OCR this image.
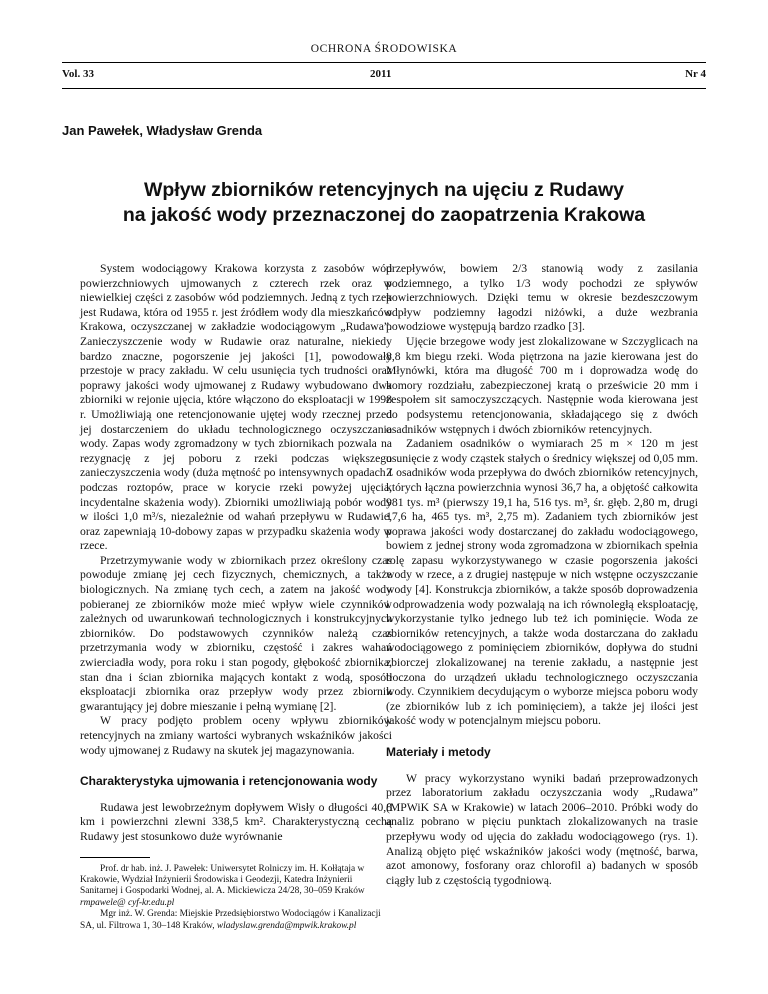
OCHRONA ŚRODOWISKA
Vol. 33	2011	Nr 4
Jan Pawełek, Władysław Grenda
Wpływ zbiorników retencyjnych na ujęciu z Rudawy
na jakość wody przeznaczonej do zaopatrzenia Krakowa

System wodociągowy Krakowa korzysta z zasobów wód powierzchniowych ujmowanych z czterech rzek oraz w niewielkiej części z zasobów wód podziemnych. Jedną z tych rzek jest Rudawa, która od 1955 r. jest źródłem wody dla mieszkańców Krakowa, oczyszczanej w zakładzie wodociągowym „Rudawa”. Zanieczyszczenie wody w Rudawie oraz naturalne, niekiedy bardzo znaczne, pogorszenie jej jakości [1], powodowały przestoje w pracy zakładu. W celu usunięcia tych trudności oraz poprawy jakości wody ujmowanej z Rudawy wybudowano dwa zbiorniki w rejonie ujęcia, które włączono do eksploatacji w 1998 r. Umożliwiają one retencjonowanie ujętej wody rzecznej przed jej dostarczeniem do układu technologicznego oczyszczania wody. Zapas wody zgromadzony w tych zbiornikach pozwala na rezygnację z jej poboru z rzeki podczas większego zanieczyszczenia wody (duża mętność po intensywnych opadach i podczas roztopów, prace w korycie rzeki powyżej ujęcia, incydentalne skażenia wody). Zbiorniki umożliwiają pobór wody w ilości 1,0 m³/s, niezależnie od wahań przepływu w Rudawie, oraz zapewniają 10-dobowy zapas w przypadku skażenia wody w rzece.

Przetrzymywanie wody w zbiornikach przez określony czas powoduje zmianę jej cech fizycznych, chemicznych, a także biologicznych. Na zmianę tych cech, a zatem na jakość wody pobieranej ze zbiorników może mieć wpływ wiele czynników zależnych od uwarunkowań technologicznych i konstrukcyjnych zbiorników. Do podstawowych czynników należą czas przetrzymania wody w zbiorniku, częstość i zakres wahań zwierciadła wody, pora roku i stan pogody, głębokość zbiornika, stan dna i ścian zbiornika mających kontakt z wodą, sposób eksploatacji zbiornika oraz przepływ wody przez zbiornik gwarantujący jej dobre mieszanie i pełną wymianę [2].

W pracy podjęto problem oceny wpływu zbiorników retencyjnych na zmiany wartości wybranych wskaźników jakości wody ujmowanej z Rudawy na skutek jej magazynowania.

Charakterystyka ujmowania i retencjonowania wody

Rudawa jest lewobrzeżnym dopływem Wisły o długości 40,8 km i powierzchni zlewni 338,5 km². Charakterystyczną cechą Rudawy jest stosunkowo duże wyrównanie

Prof. dr hab. inż. J. Pawełek: Uniwersytet Rolniczy im. H. Kołłątaja w Krakowie, Wydział Inżynierii Środowiska i Geodezji, Katedra Inżynierii Sanitarnej i Gospodarki Wodnej, al. A. Mickiewicza 24/28, 30–059 Kraków rmpawele@ cyf-kr.edu.pl

Mgr inż. W. Grenda: Miejskie Przedsiębiorstwo Wodociągów i Kanalizacji SA, ul. Filtrowa 1, 30–148 Kraków, wladyslaw.grenda@mpwik.krakow.pl

przepływów, bowiem 2/3 stanowią wody z zasilania podziemnego, a tylko 1/3 wody pochodzi ze spływów powierzchniowych. Dzięki temu w okresie bezdeszczowym odpływ podziemny łagodzi niżówki, a duże wezbrania powodziowe występują bardzo rzadko [3].

Ujęcie brzegowe wody jest zlokalizowane w Szczyglicach na 8,8 km biegu rzeki. Woda piętrzona na jazie kierowana jest do Młynówki, która ma długość 700 m i doprowadza wodę do komory rozdziału, zabezpieczonej kratą o prześwicie 20 mm i zespołem sit samoczyszczących. Następnie woda kierowana jest do podsystemu retencjonowania, składającego się z dwóch osadników wstępnych i dwóch zbiorników retencyjnych.

Zadaniem osadników o wymiarach 25 m × 120 m jest usunięcie z wody cząstek stałych o średnicy większej od 0,05 mm. Z osadników woda przepływa do dwóch zbiorników retencyjnych, których łączna powierzchnia wynosi 36,7 ha, a objętość całkowita 981 tys. m³ (pierwszy 19,1 ha, 516 tys. m³, śr. głęb. 2,80 m, drugi 17,6 ha, 465 tys. m³, 2,75 m). Zadaniem tych zbiorników jest poprawa jakości wody dostarczanej do zakładu wodociągowego, bowiem z jednej strony woda zgromadzona w zbiornikach spełnia rolę zapasu wykorzystywanego w czasie pogorszenia jakości wody w rzece, a z drugiej następuje w nich wstępne oczyszczanie wody [4]. Konstrukcja zbiorników, a także sposób doprowadzenia i odprowadzenia wody pozwalają na ich równoległą eksploatację, wykorzystanie tylko jednego lub też ich pominięcie. Woda ze zbiorników retencyjnych, a także woda dostarczana do zakładu wodociągowego z pominięciem zbiorników, dopływa do studni zbiorczej zlokalizowanej na terenie zakładu, a następnie jest tłoczona do urządzeń układu technologicznego oczyszczania wody. Czynnikiem decydującym o wyborze miejsca poboru wody (ze zbiorników lub z ich pominięciem), a także jej ilości jest jakość wody w potencjalnym miejscu poboru.

Materiały i metody

W pracy wykorzystano wyniki badań przeprowadzonych przez laboratorium zakładu oczyszczania wody „Rudawa” (MPWiK SA w Krakowie) w latach 2006–2010. Próbki wody do analiz pobrano w pięciu punktach zlokalizowanych na trasie przepływu wody od ujęcia do zakładu wodociągowego (rys. 1). Analizą objęto pięć wskaźników jakości wody (mętność, barwa, azot amonowy, fosforany oraz chlorofil a) badanych w sposób ciągły lub z częstością tygodniową.
